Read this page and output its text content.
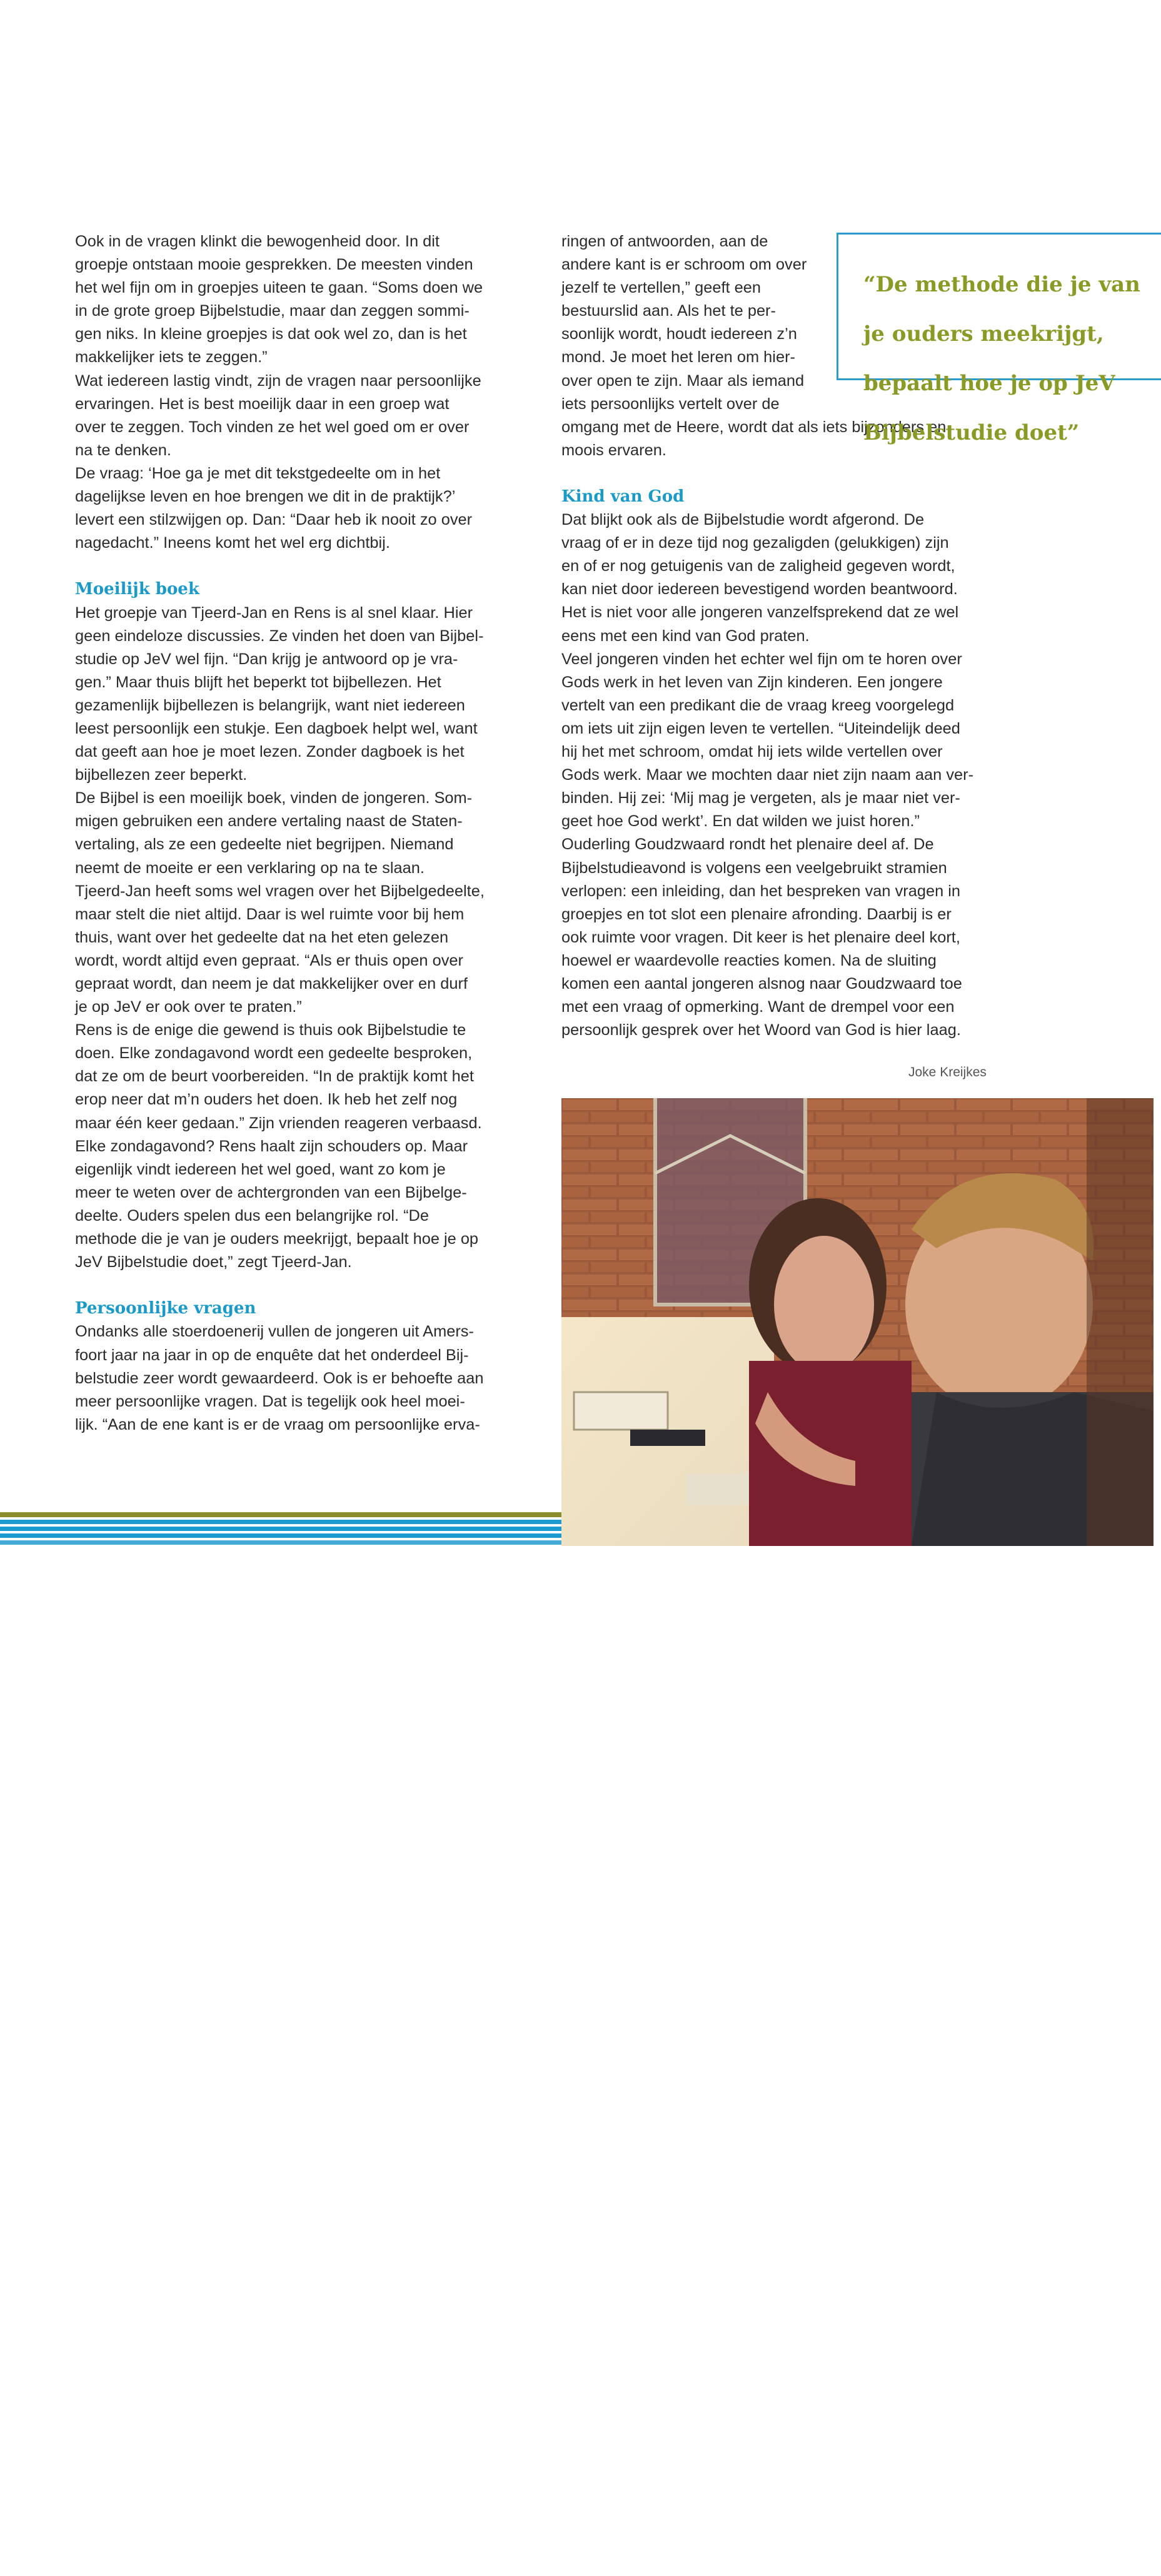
Ook in de vragen klinkt die bewogenheid door. In dit

groepje ontstaan mooie gesprekken. De meesten vinden

het wel fijn om in groepjes uiteen te gaan. “Soms doen we

in de grote groep Bijbelstudie, maar dan zeggen sommi-

gen niks. In kleine groepjes is dat ook wel zo, dan is het

makkelijker iets te zeggen.”

Wat iedereen lastig vindt, zijn de vragen naar persoonlijke

ervaringen. Het is best moeilijk daar in een groep wat

over te zeggen. Toch vinden ze het wel goed om er over

na te denken.

De vraag: ‘Hoe ga je met dit tekstgedeelte om in het

dagelijkse leven en hoe brengen we dit in de praktijk?’

levert een stilzwijgen op. Dan: “Daar heb ik nooit zo over

nagedacht.” Ineens komt het wel erg dichtbij.

Moeilijk boek

Het groepje van Tjeerd-Jan en Rens is al snel klaar. Hier

geen eindeloze discussies. Ze vinden het doen van Bijbel-

studie op JeV wel fijn. “Dan krijg je antwoord op je vra-

gen.” Maar thuis blijft het beperkt tot bijbellezen. Het

gezamenlijk bijbellezen is belangrijk, want niet iedereen

leest persoonlijk een stukje. Een dagboek helpt wel, want

dat geeft aan hoe je moet lezen. Zonder dagboek is het

bijbellezen zeer beperkt.

De Bijbel is een moeilijk boek, vinden de jongeren. Som-

migen gebruiken een andere vertaling naast de Staten-

vertaling, als ze een gedeelte niet begrijpen. Niemand

neemt de moeite er een verklaring op na te slaan.

Tjeerd-Jan heeft soms wel vragen over het Bijbelgedeelte,

maar stelt die niet altijd. Daar is wel ruimte voor bij hem

thuis, want over het gedeelte dat na het eten gelezen

wordt, wordt altijd even gepraat. “Als er thuis open over

gepraat wordt, dan neem je dat makkelijker over en durf

je op JeV er ook over te praten.”

Rens is de enige die gewend is thuis ook Bijbelstudie te

doen. Elke zondagavond wordt een gedeelte besproken,

dat ze om de beurt voorbereiden. “In de praktijk komt het

erop neer dat m’n ouders het doen. Ik heb het zelf nog

maar één keer gedaan.” Zijn vrienden reageren verbaasd.

Elke zondagavond? Rens haalt zijn schouders op. Maar

eigenlijk vindt iedereen het wel goed, want zo kom je

meer te weten over de achtergronden van een Bijbelge-

deelte. Ouders spelen dus een belangrijke rol. “De

methode die je van je ouders meekrijgt, bepaalt hoe je op

JeV Bijbelstudie doet,” zegt Tjeerd-Jan.

Persoonlijke vragen

Ondanks alle stoerdoenerij vullen de jongeren uit Amers-

foort jaar na jaar in op de enquête dat het onderdeel Bij-

belstudie zeer wordt gewaardeerd. Ook is er behoefte aan

meer persoonlijke vragen. Dat is tegelijk ook heel moei-

lijk. “Aan de ene kant is er de vraag om persoonlijke erva-

ringen of antwoorden, aan de

andere kant is er schroom om over

jezelf te vertellen,” geeft een

bestuurslid aan. Als het te per-

soonlijk wordt, houdt iedereen z’n

mond. Je moet het leren om hier-

over open te zijn. Maar als iemand

iets persoonlijks vertelt over de

omgang met de Heere, wordt dat als iets bijzonders en

moois ervaren.

Kind van God

Dat blijkt ook als de Bijbelstudie wordt afgerond. De

vraag of er in deze tijd nog gezaligden (gelukkigen) zijn

en of er nog getuigenis van de zaligheid gegeven wordt,

kan niet door iedereen bevestigend worden beantwoord.

Het is niet voor alle jongeren vanzelfsprekend dat ze wel

eens met een kind van God praten.

Veel jongeren vinden het echter wel fijn om te horen over

Gods werk in het leven van Zijn kinderen. Een jongere

vertelt van een predikant die de vraag kreeg voorgelegd

om iets uit zijn eigen leven te vertellen. “Uiteindelijk deed

hij het met schroom, omdat hij iets wilde vertellen over

Gods werk. Maar we mochten daar niet zijn naam aan ver-

binden. Hij zei: ‘Mij mag je vergeten, als je maar niet ver-

geet hoe God werkt’. En dat wilden we juist horen.”

Ouderling Goudzwaard rondt het plenaire deel af. De

Bijbelstudieavond is volgens een veelgebruikt stramien

verlopen: een inleiding, dan het bespreken van vragen in

groepjes en tot slot een plenaire afronding. Daarbij is er

ook ruimte voor vragen. Dit keer is het plenaire deel kort,

hoewel er waardevolle reacties komen. Na de sluiting

komen een aantal jongeren alsnog naar Goudzwaard toe

met een vraag of opmerking. Want de drempel voor een

persoonlijk gesprek over het Woord van God is hier laag.

“De methode die je van

je ouders meekrijgt,

bepaalt hoe je op JeV

Bijbelstudie doet”

Joke Kreijkes
11
